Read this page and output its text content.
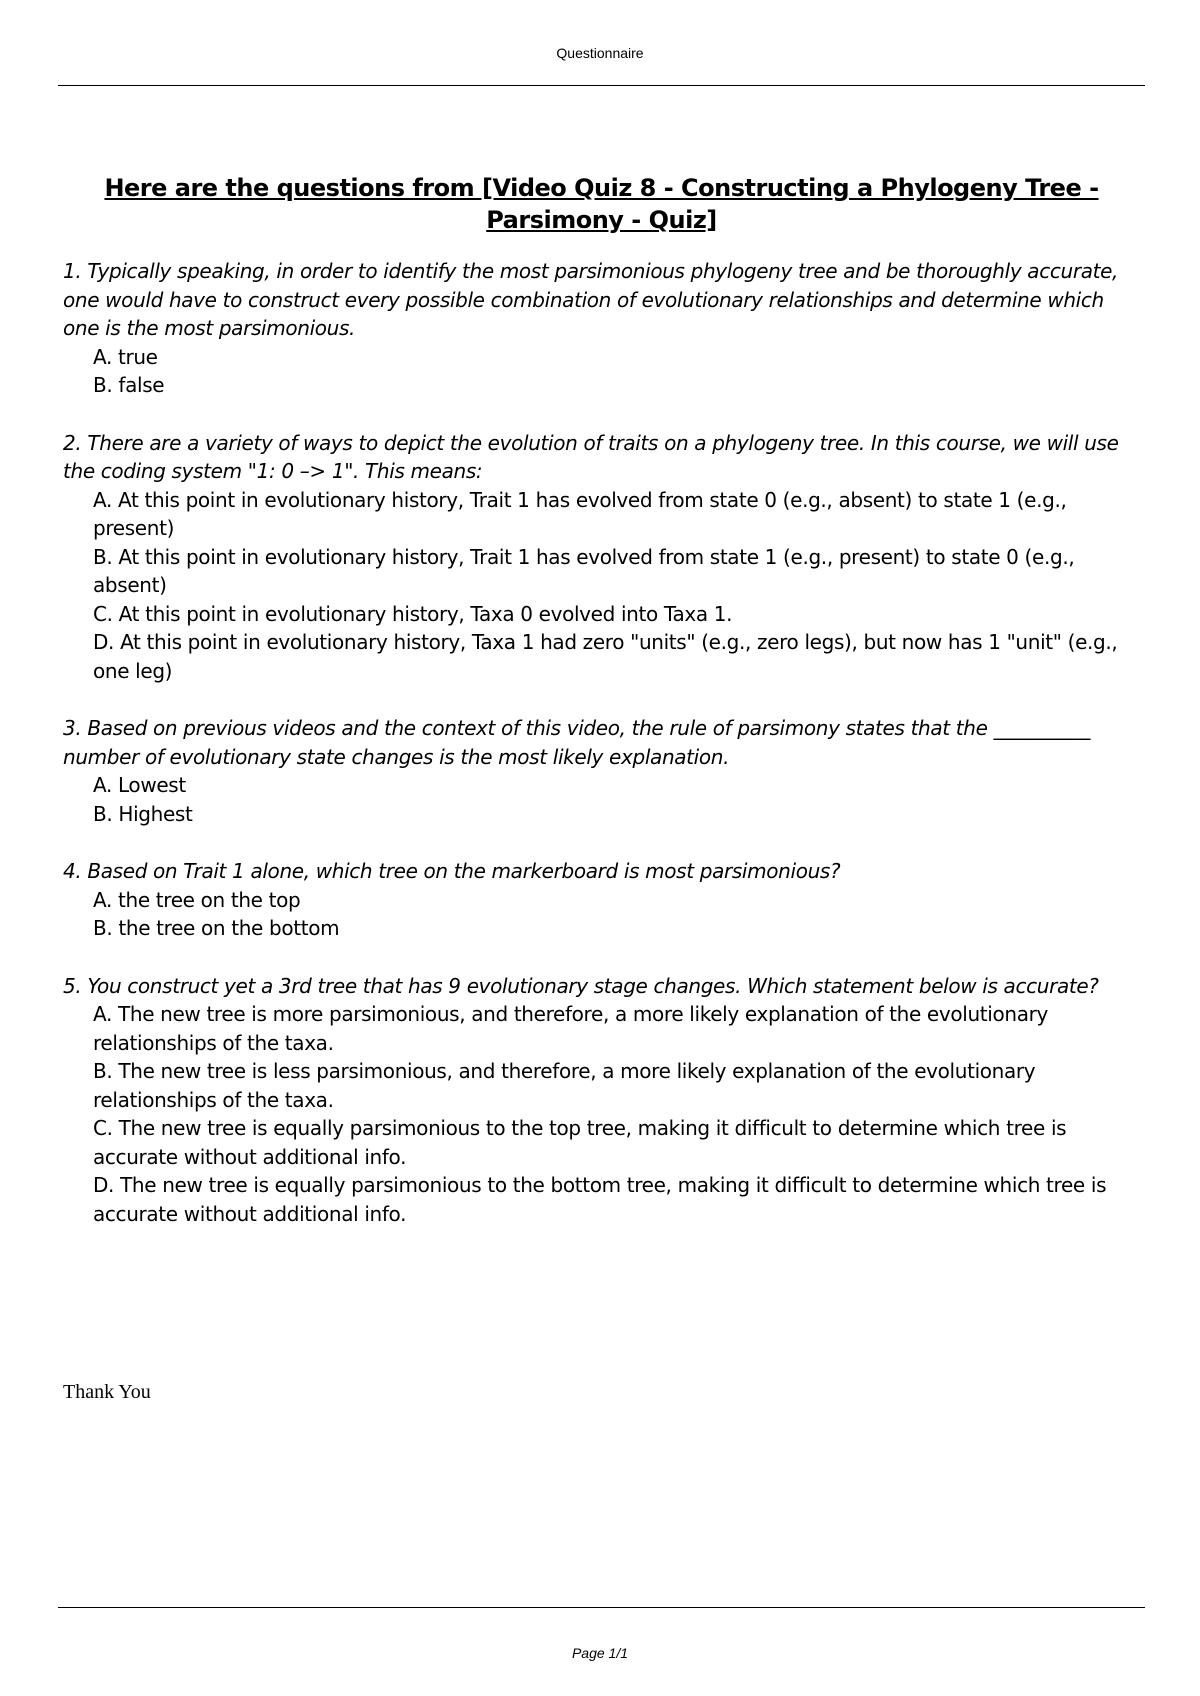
Questionnaire
Here are the questions from [Video Quiz 8 - Constructing a Phylogeny Tree - Parsimony - Quiz]
1. Typically speaking, in order to identify the most parsimonious phylogeny tree and be thoroughly accurate, one would have to construct every possible combination of evolutionary relationships and determine which one is the most parsimonious.
A. true
B. false
2. There are a variety of ways to depict the evolution of traits on a phylogeny tree. In this course, we will use the coding system "1: 0 –> 1". This means:
A. At this point in evolutionary history, Trait 1 has evolved from state 0 (e.g., absent) to state 1 (e.g., present)
B. At this point in evolutionary history, Trait 1 has evolved from state 1 (e.g., present) to state 0 (e.g., absent)
C. At this point in evolutionary history, Taxa 0 evolved into Taxa 1.
D. At this point in evolutionary history, Taxa 1 had zero "units" (e.g., zero legs), but now has 1 "unit" (e.g., one leg)
3. Based on previous videos and the context of this video, the rule of parsimony states that the __________ number of evolutionary state changes is the most likely explanation.
A. Lowest
B. Highest
4. Based on Trait 1 alone, which tree on the markerboard is most parsimonious?
A. the tree on the top
B. the tree on the bottom
5. You construct yet a 3rd tree that has 9 evolutionary stage changes. Which statement below is accurate?
A. The new tree is more parsimonious, and therefore, a more likely explanation of the evolutionary relationships of the taxa.
B. The new tree is less parsimonious, and therefore, a more likely explanation of the evolutionary relationships of the taxa.
C. The new tree is equally parsimonious to the top tree, making it difficult to determine which tree is accurate without additional info.
D. The new tree is equally parsimonious to the bottom tree, making it difficult to determine which tree is accurate without additional info.
Thank You
Page 1/1
